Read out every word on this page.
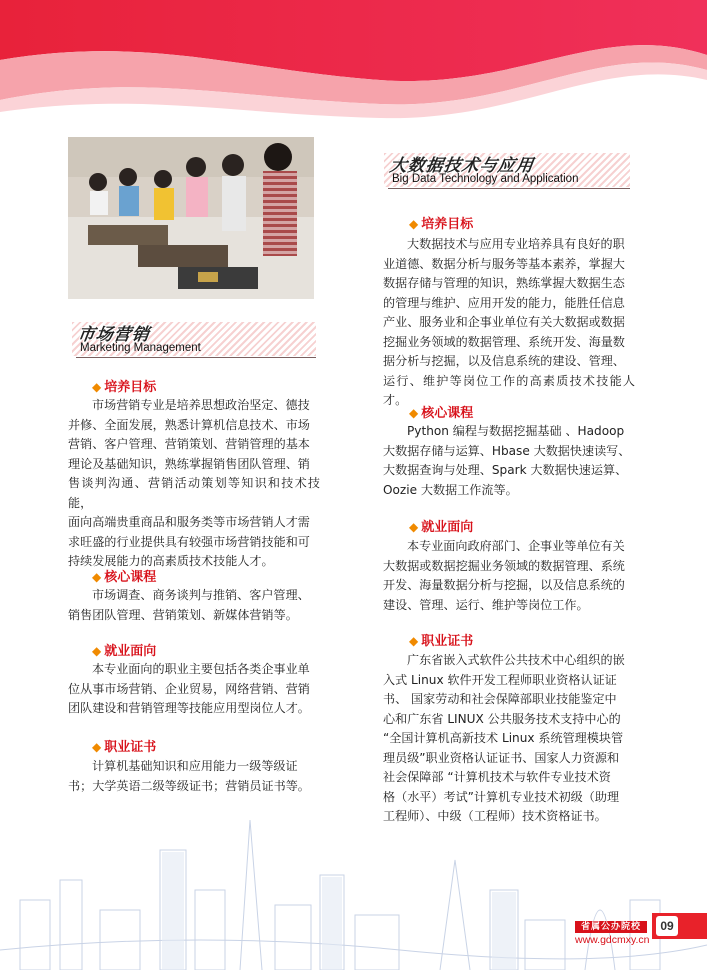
市场营销
Marketing Management
◆ 培养目标
市场营销专业是培养思想政治坚定、德技
并修、全面发展，熟悉计算机信息技术、市场
营销、客户管理、营销策划、营销管理的基本
理论及基础知识，熟练掌握销售团队管理、销
售谈判沟通、营销活动策划等知识和技术技能，
面向高端贵重商品和服务类等市场营销人才需
求旺盛的行业提供具有较强市场营销技能和可
持续发展能力的高素质技术技能人才。
◆ 核心课程
市场调查、商务谈判与推销、客户管理、
销售团队管理、营销策划、新媒体营销等。
◆ 就业面向
本专业面向的职业主要包括各类企事业单
位从事市场营销、企业贸易，网络营销、营销
团队建设和营销管理等技能应用型岗位人才。
◆ 职业证书
计算机基础知识和应用能力一级等级证
书；大学英语二级等级证书；营销员证书等。
大数据技术与应用
Big Data Technology and Application
◆ 培养目标
大数据技术与应用专业培养具有良好的职
业道德、数据分析与服务等基本素养，掌握大
数据存储与管理的知识，熟练掌握大数据生态
的管理与维护、应用开发的能力，能胜任信息
产业、服务业和企事业单位有关大数据或数据
挖掘业务领域的数据管理、系统开发、海量数
据分析与挖掘，以及信息系统的建设、管理、
运行、维护等岗位工作的高素质技术技能人才。
◆ 核心课程
Python 编程与数据挖掘基础 、Hadoop
大数据存储与运算、Hbase 大数据快速读写、
大数据查询与处理、Spark 大数据快速运算、
Oozie 大数据工作流等。
◆ 就业面向
本专业面向政府部门、企事业等单位有关
大数据或数据挖掘业务领域的数据管理、系统
开发、海量数据分析与挖掘，以及信息系统的
建设、管理、运行、维护等岗位工作。
◆ 职业证书
广东省嵌入式软件公共技术中心组织的嵌
入式 Linux 软件开发工程师职业资格认证证
书、 国家劳动和社会保障部职业技能鉴定中
心和广东省 LINUX 公共服务技术支持中心的
“全国计算机高新技术 Linux 系统管理模块管
理员级”职业资格认证证书、国家人力资源和
社会保障部 “计算机技术与软件专业技术资
格（水平）考试”计算机专业技术初级（助理
工程师）、中级（工程师）技术资格证书。
省属公办院校
www.gdcmxy.cn
09
